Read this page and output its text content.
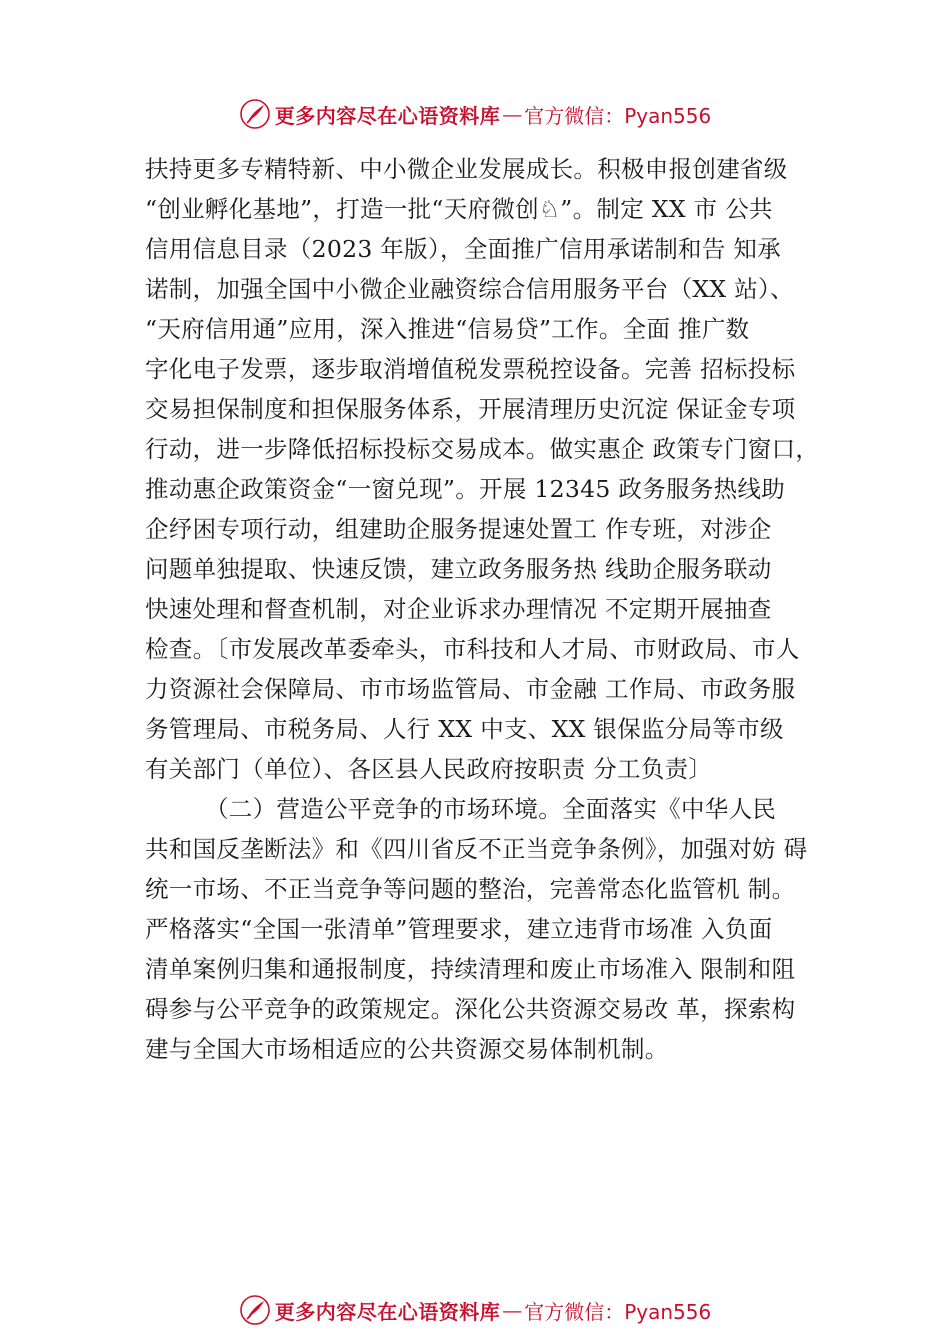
更多内容尽在心语资料库 — 官方微信：Pyan556
扶持更多专精特新、中小微企业发展成长。积极申报创建省级
“创业孵化基地”，打造一批“天府微创♘”。制定 XX 市 公共
信用信息目录（2023 年版），全面推广信用承诺制和告 知承
诺制，加强全国中小微企业融资综合信用服务平台（XX 站）、
“天府信用通”应用，深入推进“信易贷”工作。全面 推广数
字化电子发票，逐步取消增值税发票税控设备。完善 招标投标
交易担保制度和担保服务体系，开展清理历史沉淀 保证金专项
行动，进一步降低招标投标交易成本。做实惠企 政策专门窗口，
推动惠企政策资金“一窗兑现”。开展 12345 政务服务热线助
企纾困专项行动，组建助企服务提速处置工 作专班，对涉企
问题单独提取、快速反馈，建立政务服务热 线助企服务联动
快速处理和督查机制，对企业诉求办理情况 不定期开展抽查
检查。〔市发展改革委牵头，市科技和人才局、市财政局、市人
力资源社会保障局、市市场监管局、市金融 工作局、市政务服
务管理局、市税务局、人行 XX 中支、XX 银保监分局等市级
有关部门（单位）、各区县人民政府按职责 分工负责〕
（二）营造公平竞争的市场环境。全面落实《中华人民
共和国反垄断法》和《四川省反不正当竞争条例》，加强对妨 碍
统一市场、不正当竞争等问题的整治，完善常态化监管机 制。
严格落实“全国一张清单”管理要求，建立违背市场准 入负面
清单案例归集和通报制度，持续清理和废止市场准入 限制和阻
碍参与公平竞争的政策规定。深化公共资源交易改 革，探索构
建与全国大市场相适应的公共资源交易体制机制。
更多内容尽在心语资料库 — 官方微信：Pyan556
